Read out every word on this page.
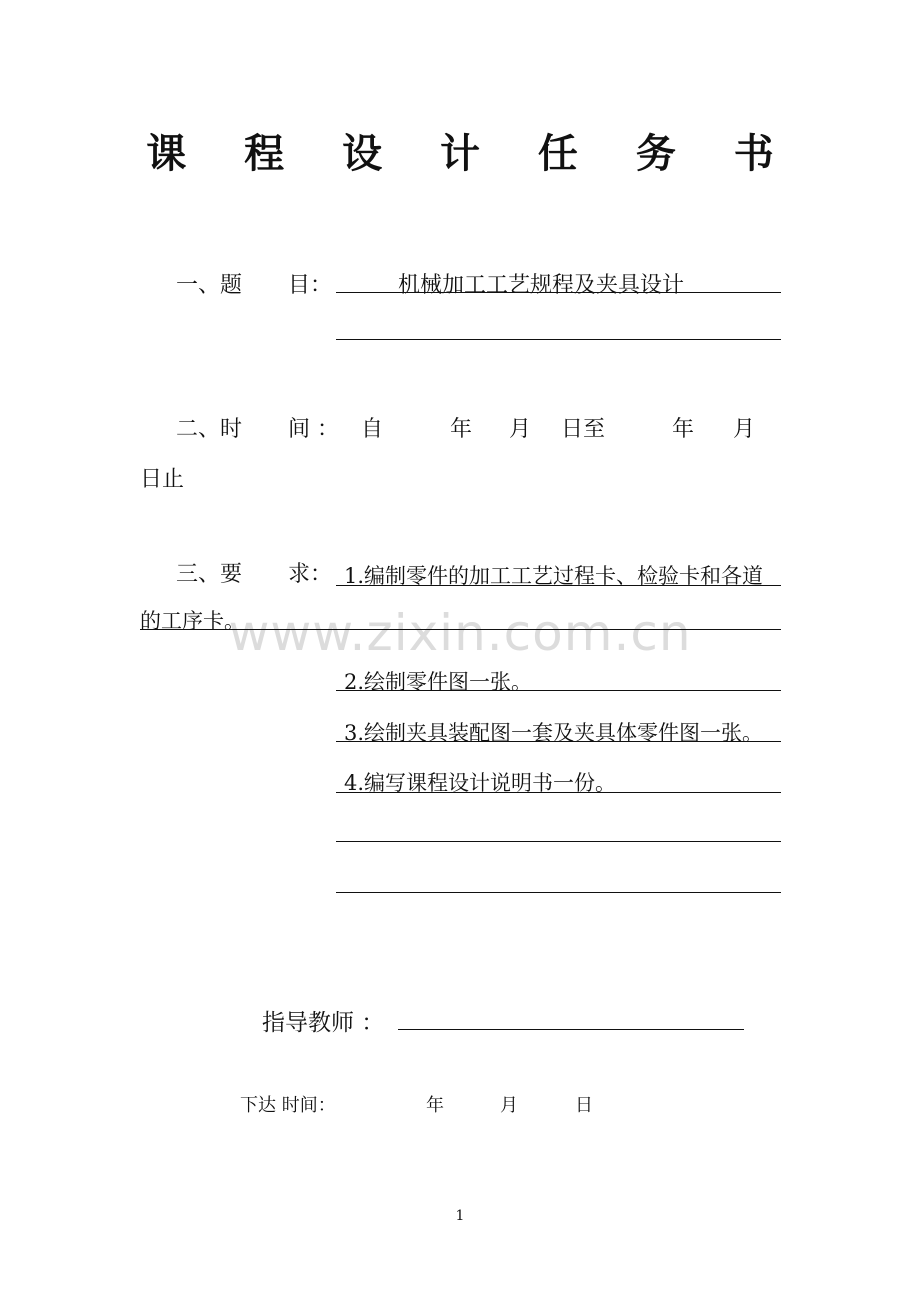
课 程 设 计 任 务 书
一、题 目：	机械加工工艺规程及夹具设计
二、时 间 ： 自	年 月 日至	年 月
日止
三、要 求： 1.编制零件的加工工艺过程卡、检验卡和各道
www.zixin.com.cn
的工序卡。
2.绘制零件图一张。
3.绘制夹具装配图一套及夹具体零件图一张。
4.编写课程设计说明书一份。
指导教师 ：
下达 时间：	年	月	日
1
